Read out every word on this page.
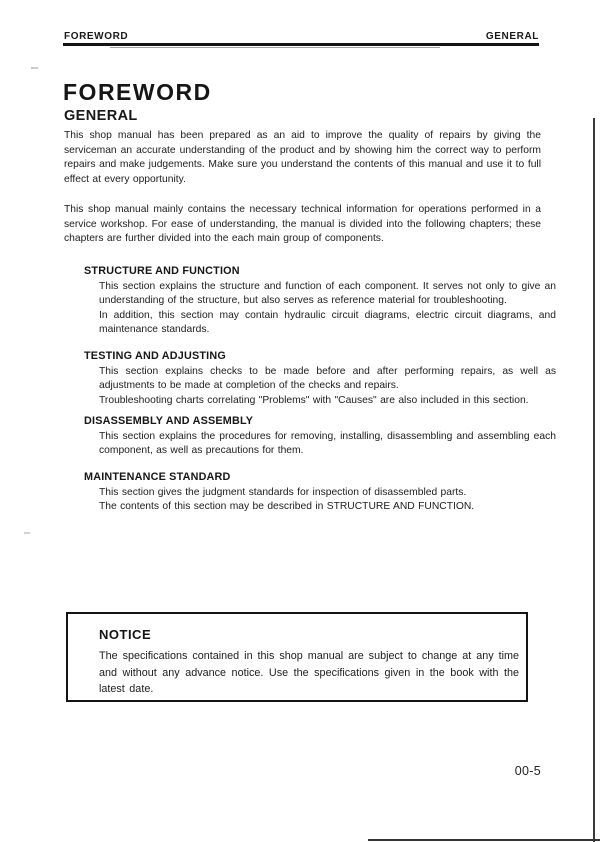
FOREWORD	GENERAL
FOREWORD
GENERAL
This shop manual has been prepared as an aid to improve the quality of repairs by giving the serviceman an accurate understanding of the product and by showing him the correct way to perform repairs and make judgements. Make sure you understand the contents of this manual and use it to full effect at every opportunity.
This shop manual mainly contains the necessary technical information for operations performed in a service workshop. For ease of understanding, the manual is divided into the following chapters; these chapters are further divided into the each main group of components.
STRUCTURE AND FUNCTION

This section explains the structure and function of each component. It serves not only to give an understanding of the structure, but also serves as reference material for troubleshooting.

In addition, this section may contain hydraulic circuit diagrams, electric circuit diagrams, and maintenance standards.

TESTING AND ADJUSTING

This section explains checks to be made before and after performing repairs, as well as adjustments to be made at completion of the checks and repairs.

Troubleshooting charts correlating "Problems" with "Causes" are also included in this section.

DISASSEMBLY AND ASSEMBLY

This section explains the procedures for removing, installing, disassembling and assembling each component, as well as precautions for them.

MAINTENANCE STANDARD

This section gives the judgment standards for inspection of disassembled parts.

The contents of this section may be described in STRUCTURE AND FUNCTION.

NOTICE
The specifications contained in this shop manual are subject to change at any time and without any advance notice. Use the specifications given in the book with the latest date.
00-5
